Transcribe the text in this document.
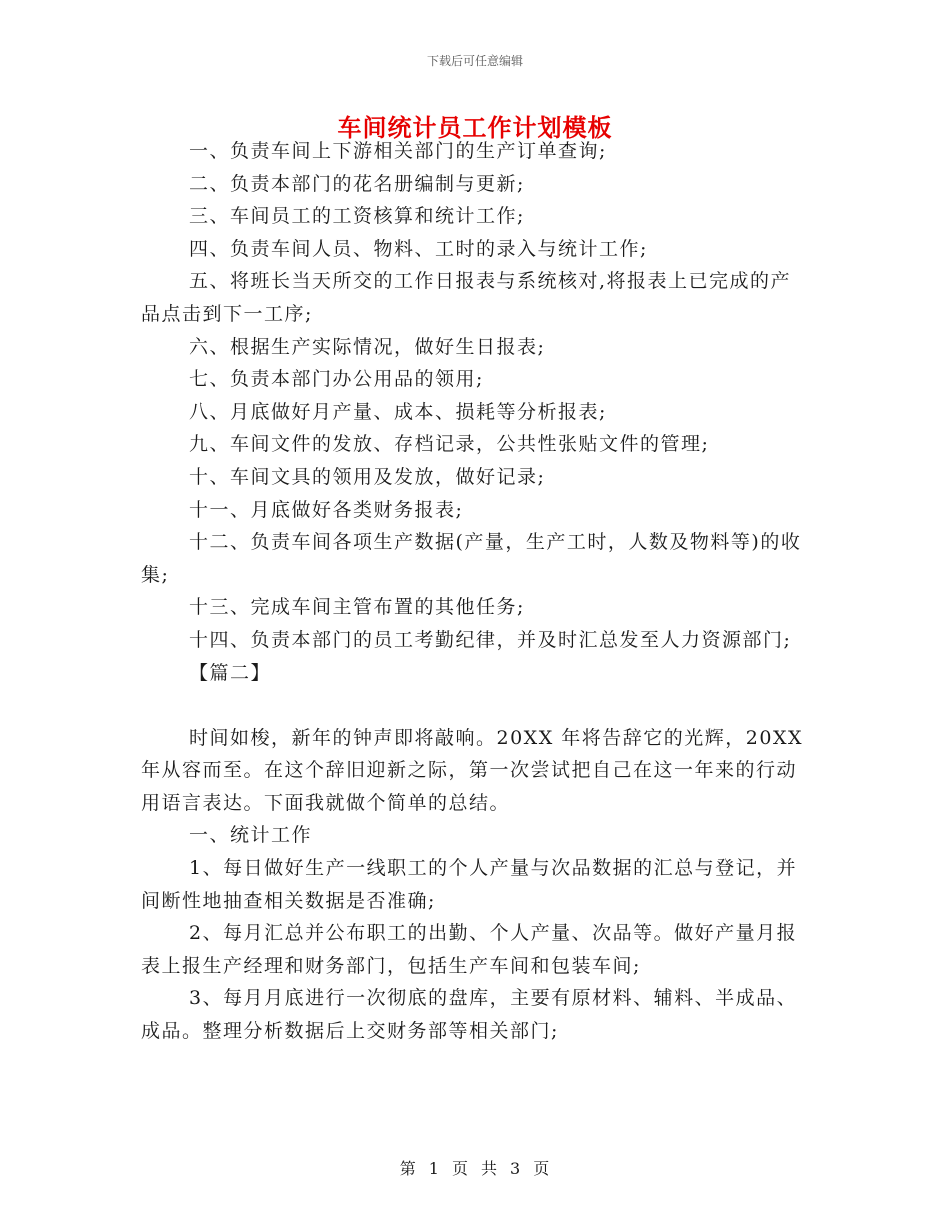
下载后可任意编辑
车间统计员工作计划模板

一、负责车间上下游相关部门的生产订单查询;

二、负责本部门的花名册编制与更新;

三、车间员工的工资核算和统计工作;

四、负责车间人员、物料、工时的录入与统计工作;

五、将班长当天所交的工作日报表与系统核对,将报表上已完成的产品点击到下一工序;

六、根据生产实际情况，做好生日报表;

七、负责本部门办公用品的领用;

八、月底做好月产量、成本、损耗等分析报表;

九、车间文件的发放、存档记录，公共性张贴文件的管理;

十、车间文具的领用及发放，做好记录;

十一、月底做好各类财务报表;

十二、负责车间各项生产数据(产量，生产工时，人数及物料等)的收集;

十三、完成车间主管布置的其他任务;

十四、负责本部门的员工考勤纪律，并及时汇总发至人力资源部门;

【篇二】

时间如梭，新年的钟声即将敲响。20XX 年将告辞它的光辉，20XX 年从容而至。在这个辞旧迎新之际，第一次尝试把自己在这一年来的行动用语言表达。下面我就做个简单的总结。

一、统计工作

1、每日做好生产一线职工的个人产量与次品数据的汇总与登记，并间断性地抽查相关数据是否准确;

2、每月汇总并公布职工的出勤、个人产量、次品等。做好产量月报表上报生产经理和财务部门，包括生产车间和包装车间;

3、每月月底进行一次彻底的盘库，主要有原材料、辅料、半成品、成品。整理分析数据后上交财务部等相关部门;

第 1 页 共 3 页
